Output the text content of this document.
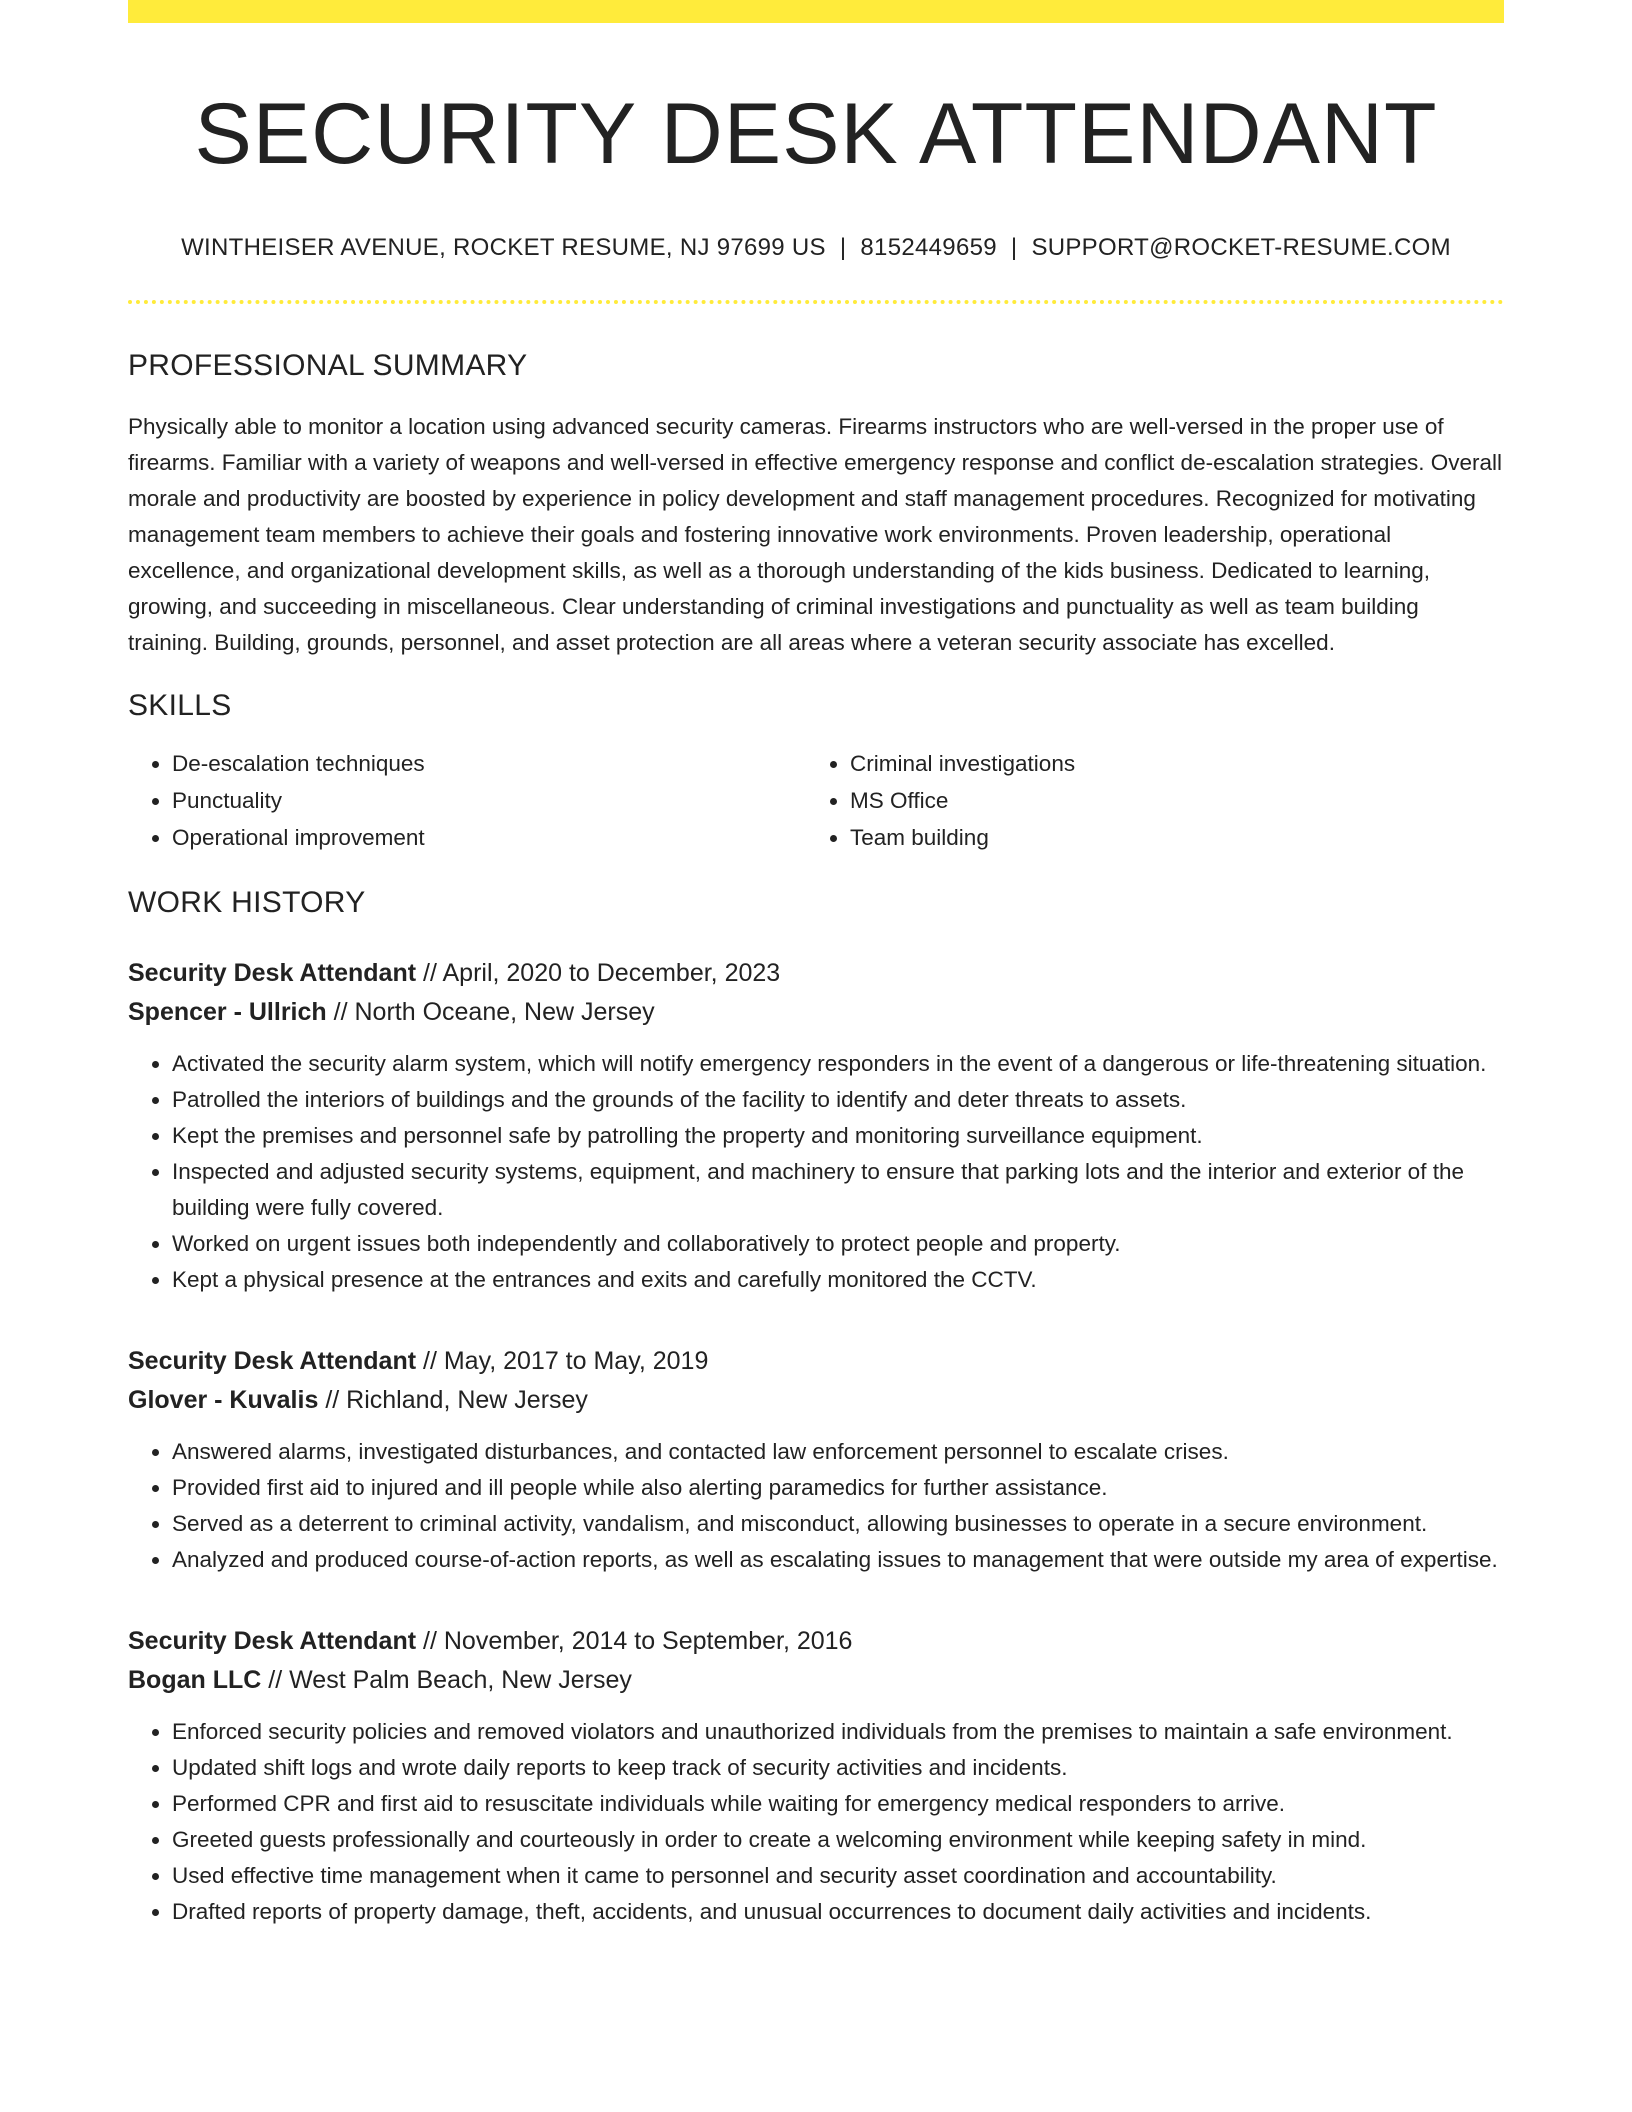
SECURITY DESK ATTENDANT
WINTHEISER AVENUE, ROCKET RESUME, NJ 97699 US | 8152449659 | SUPPORT@ROCKET-RESUME.COM
PROFESSIONAL SUMMARY

Physically able to monitor a location using advanced security cameras. Firearms instructors who are well-versed in the proper use of firearms. Familiar with a variety of weapons and well-versed in effective emergency response and conflict de-escalation strategies. Overall morale and productivity are boosted by experience in policy development and staff management procedures. Recognized for motivating management team members to achieve their goals and fostering innovative work environments. Proven leadership, operational excellence, and organizational development skills, as well as a thorough understanding of the kids business. Dedicated to learning, growing, and succeeding in miscellaneous. Clear understanding of criminal investigations and punctuality as well as team building training. Building, grounds, personnel, and asset protection are all areas where a veteran security associate has excelled.

SKILLS
• De-escalation techniques
• Punctuality
• Operational improvement
• Criminal investigations
• MS Office
• Team building
WORK HISTORY
Security Desk Attendant // April, 2020 to December, 2023
Spencer - Ullrich // North Oceane, New Jersey
• Activated the security alarm system, which will notify emergency responders in the event of a dangerous or life-threatening situation.
• Patrolled the interiors of buildings and the grounds of the facility to identify and deter threats to assets.
• Kept the premises and personnel safe by patrolling the property and monitoring surveillance equipment.
• Inspected and adjusted security systems, equipment, and machinery to ensure that parking lots and the interior and exterior of the building were fully covered.
• Worked on urgent issues both independently and collaboratively to protect people and property.
• Kept a physical presence at the entrances and exits and carefully monitored the CCTV.
Security Desk Attendant // May, 2017 to May, 2019
Glover - Kuvalis // Richland, New Jersey
• Answered alarms, investigated disturbances, and contacted law enforcement personnel to escalate crises.
• Provided first aid to injured and ill people while also alerting paramedics for further assistance.
• Served as a deterrent to criminal activity, vandalism, and misconduct, allowing businesses to operate in a secure environment.
• Analyzed and produced course-of-action reports, as well as escalating issues to management that were outside my area of expertise.
Security Desk Attendant // November, 2014 to September, 2016
Bogan LLC // West Palm Beach, New Jersey
• Enforced security policies and removed violators and unauthorized individuals from the premises to maintain a safe environment.
• Updated shift logs and wrote daily reports to keep track of security activities and incidents.
• Performed CPR and first aid to resuscitate individuals while waiting for emergency medical responders to arrive.
• Greeted guests professionally and courteously in order to create a welcoming environment while keeping safety in mind.
• Used effective time management when it came to personnel and security asset coordination and accountability.
• Drafted reports of property damage, theft, accidents, and unusual occurrences to document daily activities and incidents.
